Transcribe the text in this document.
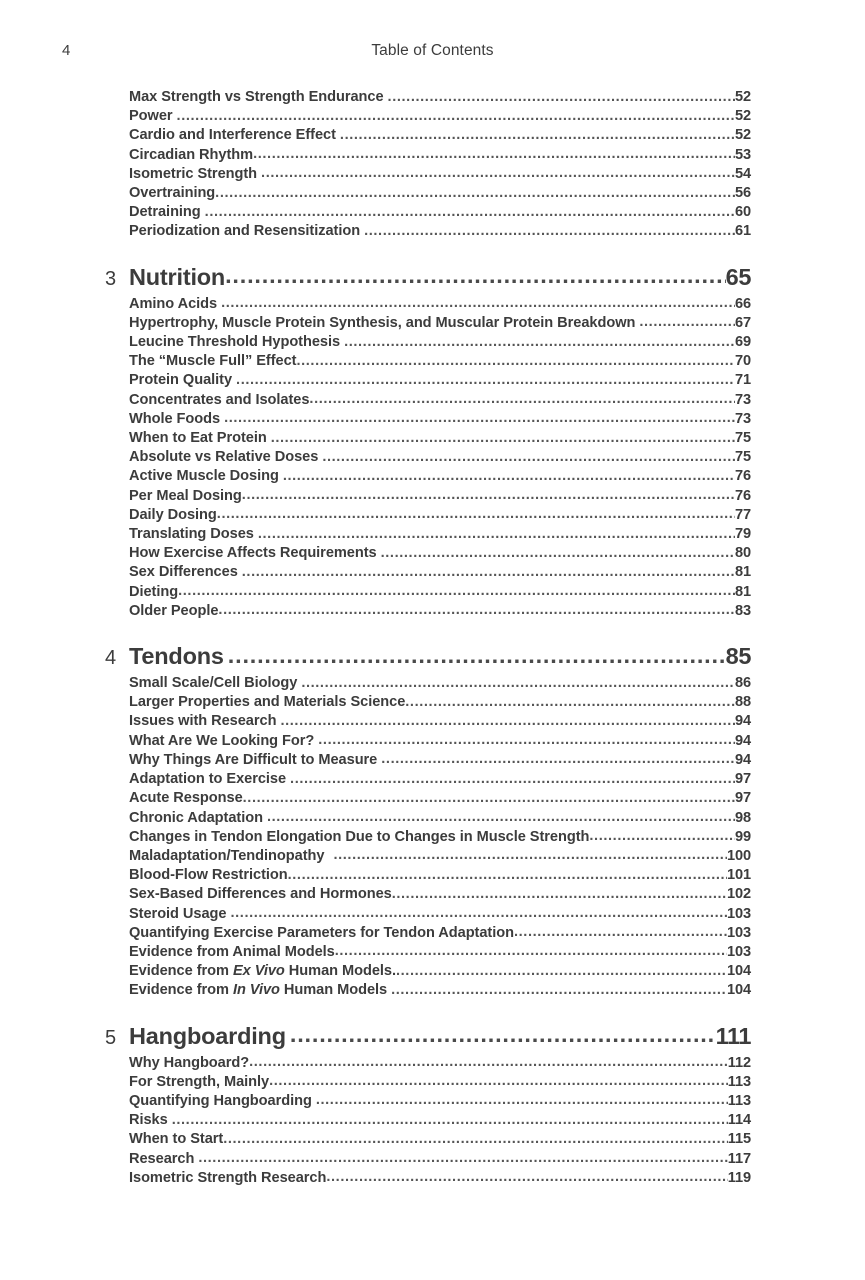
4	Table of Contents
Max Strength vs Strength Endurance .....	52
Power .....	52
Cardio and Interference Effect .....	52
Circadian Rhythm .....	53
Isometric Strength .....	54
Overtraining .....	56
Detraining .....	60
Periodization and Resensitization .....	61
3 Nutrition .....	65
Amino Acids .....	66
Hypertrophy, Muscle Protein Synthesis, and Muscular Protein Breakdown .....	67
Leucine Threshold Hypothesis .....	69
The “Muscle Full” Effect .....	70
Protein Quality .....	71
Concentrates and Isolates .....	73
Whole Foods .....	73
When to Eat Protein .....	75
Absolute vs Relative Doses .....	75
Active Muscle Dosing .....	76
Per Meal Dosing .....	76
Daily Dosing .....	77
Translating Doses .....	79
How Exercise Affects Requirements .....	80
Sex Differences .....	81
Dieting .....	81
Older People .....	83
4 Tendons .....	85
Small Scale/Cell Biology .....	86
Larger Properties and Materials Science .....	88
Issues with Research .....	94
What Are We Looking For? .....	94
Why Things Are Difficult to Measure .....	94
Adaptation to Exercise .....	97
Acute Response .....	97
Chronic Adaptation .....	98
Changes in Tendon Elongation Due to Changes in Muscle Strength .....	99
Maladaptation/Tendinopathy .....	100
Blood-Flow Restriction .....	101
Sex-Based Differences and Hormones .....	102
Steroid Usage .....	103
Quantifying Exercise Parameters for Tendon Adaptation .....	103
Evidence from Animal Models .....	103
Evidence from Ex Vivo Human Models. .....	104
Evidence from In Vivo Human Models .....	104
5 Hangboarding .....	111
Why Hangboard? .....	112
For Strength, Mainly .....	113
Quantifying Hangboarding .....	113
Risks .....	114
When to Start .....	115
Research .....	117
Isometric Strength Research .....	119
